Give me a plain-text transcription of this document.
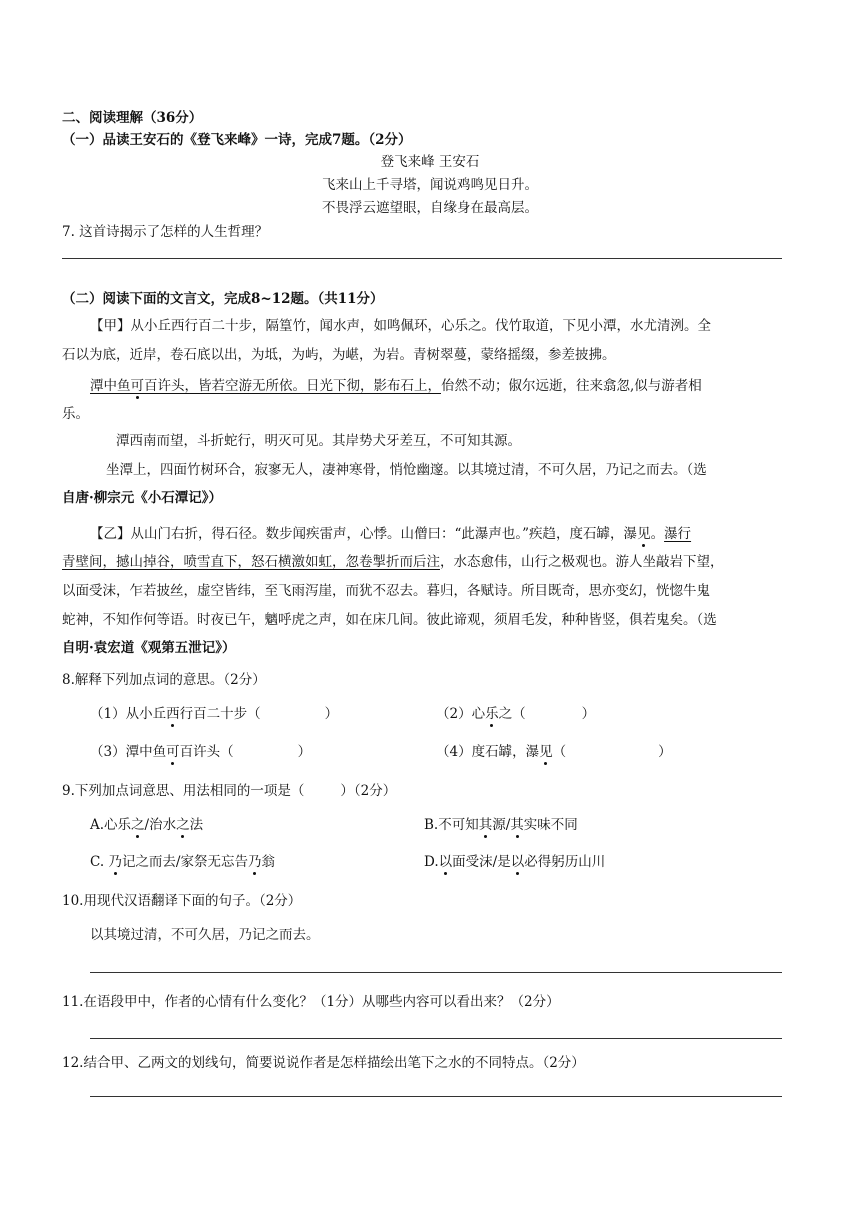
二、阅读理解（36分）
（一）品读王安石的《登飞来峰》一诗，完成7题。（2分）
登飞来峰 王安石
飞来山上千寻塔，闻说鸡鸣见日升。
不畏浮云遮望眼，自缘身在最高层。
7. 这首诗揭示了怎样的人生哲理？
（二）阅读下面的文言文，完成8~12题。（共11分）
【甲】从小丘西行百二十步，隔篁竹，闻水声，如鸣佩环，心乐之。伐竹取道，下见小潭，水尤清洌。全
石以为底，近岸，卷石底以出，为坻，为屿，为嵁，为岩。青树翠蔓，蒙络摇缀，参差披拂。
潭中鱼可百许头，皆若空游无所依。日光下彻，影布石上，佁然不动；俶尔远逝，往来翕忽,似与游者相
乐。
潭西南而望，斗折蛇行，明灭可见。其岸势犬牙差互，不可知其源。
坐潭上，四面竹树环合，寂寥无人，凄神寒骨，悄怆幽邃。以其境过清，不可久居，乃记之而去。（选
自唐·柳宗元《小石潭记》）
【乙】从山门右折，得石径。数步闻疾雷声，心悸。山僧曰：“此瀑声也。”疾趋，度石罅，瀑见。瀑行
青壁间，撼山掉谷，喷雪直下，怒石横激如虹，忽卷掣折而后注，水态愈伟，山行之极观也。游人坐敲岩下望，
以面受沫，乍若披丝，虚空皆纬，至飞雨泻崖，而犹不忍去。暮归，各赋诗。所目既奇，思亦变幻，恍惚牛鬼
蛇神，不知作何等语。时夜已午，魑呼虎之声，如在床几间。彼此谛观，须眉毛发，种种皆竖，俱若鬼矣。（选
自明·袁宏道《观第五泄记》）
8.解释下列加点词的意思。（2分）
（1）从小丘西行百二十步（	）	（2）心乐之（	）
（3）潭中鱼可百许头（	）	（4）度石罅，瀑见（	）
9.下列加点词意思、用法相同的一项是（	）（2分）
A.心乐之/治水之法	B.不可知其源/其实味不同
C. 乃记之而去/家祭无忘告乃翁	D.以面受沫/是以必得躬历山川
10.用现代汉语翻译下面的句子。（2分）
以其境过清，不可久居，乃记之而去。
11.在语段甲中，作者的心情有什么变化？（1分）从哪些内容可以看出来？（2分）
12.结合甲、乙两文的划线句，简要说说作者是怎样描绘出笔下之水的不同特点。（2分）
